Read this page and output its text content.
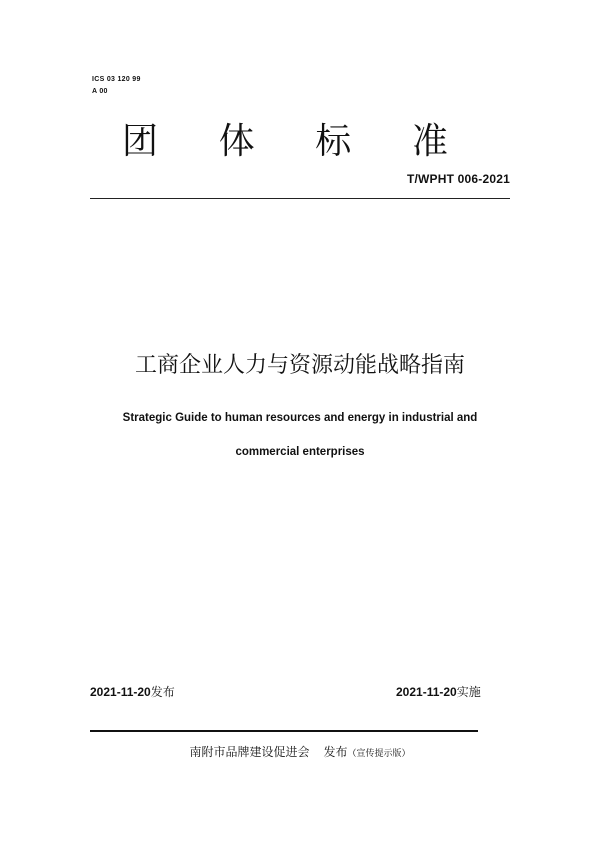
ICS 03 120 99
A 00
团	体	标	准
T/WPHT 006-2021
工商企业人力与资源动能战略指南
Strategic Guide to human resources and energy in industrial and
commercial enterprises
2021-11-20发布	2021-11-20实施
南附市品牌建设促进会 发布（宣传提示版）
